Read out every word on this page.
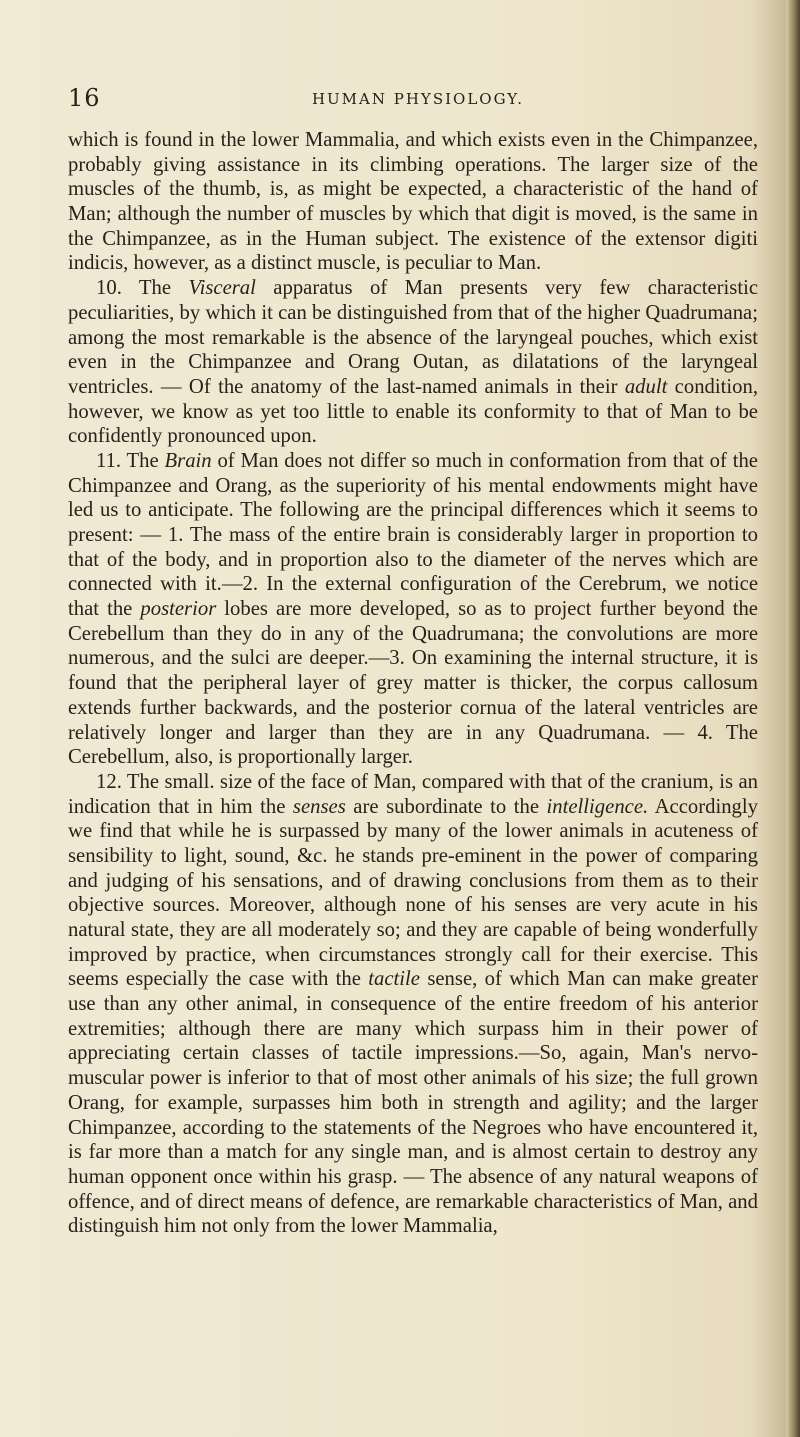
16	HUMAN PHYSIOLOGY.

which is found in the lower Mammalia, and which exists even in the Chimpanzee, probably giving assistance in its climbing operations. The larger size of the muscles of the thumb, is, as might be expected, a characteristic of the hand of Man; although the number of muscles by which that digit is moved, is the same in the Chimpanzee, as in the Human subject. The existence of the extensor digiti indicis, however, as a distinct muscle, is peculiar to Man.

10. The Visceral apparatus of Man presents very few characteristic peculiarities, by which it can be distinguished from that of the higher Quadrumana; among the most remarkable is the absence of the laryngeal pouches, which exist even in the Chimpanzee and Orang Outan, as dilatations of the laryngeal ventricles. — Of the anatomy of the last-named animals in their adult condition, however, we know as yet too little to enable its conformity to that of Man to be confidently pronounced upon.

11. The Brain of Man does not differ so much in conformation from that of the Chimpanzee and Orang, as the superiority of his mental endowments might have led us to anticipate. The following are the principal differences which it seems to present: — 1. The mass of the entire brain is considerably larger in proportion to that of the body, and in proportion also to the diameter of the nerves which are connected with it.—2. In the external configuration of the Cerebrum, we notice that the posterior lobes are more developed, so as to project further beyond the Cerebellum than they do in any of the Quadrumana; the convolutions are more numerous, and the sulci are deeper.—3. On examining the internal structure, it is found that the peripheral layer of grey matter is thicker, the corpus callosum extends further backwards, and the posterior cornua of the lateral ventricles are relatively longer and larger than they are in any Quadrumana. — 4. The Cerebellum, also, is proportionally larger.

12. The small. size of the face of Man, compared with that of the cranium, is an indication that in him the senses are subordinate to the intelligence. Accordingly we find that while he is surpassed by many of the lower animals in acuteness of sensibility to light, sound, &c. he stands pre-eminent in the power of comparing and judging of his sensations, and of drawing conclusions from them as to their objective sources. Moreover, although none of his senses are very acute in his natural state, they are all moderately so; and they are capable of being wonderfully improved by practice, when circumstances strongly call for their exercise. This seems especially the case with the tactile sense, of which Man can make greater use than any other animal, in consequence of the entire freedom of his anterior extremities; although there are many which surpass him in their power of appreciating certain classes of tactile impressions.—So, again, Man's nervo-muscular power is inferior to that of most other animals of his size; the full grown Orang, for example, surpasses him both in strength and agility; and the larger Chimpanzee, according to the statements of the Negroes who have encountered it, is far more than a match for any single man, and is almost certain to destroy any human opponent once within his grasp. — The absence of any natural weapons of offence, and of direct means of defence, are remarkable characteristics of Man, and distinguish him not only from the lower Mammalia,
